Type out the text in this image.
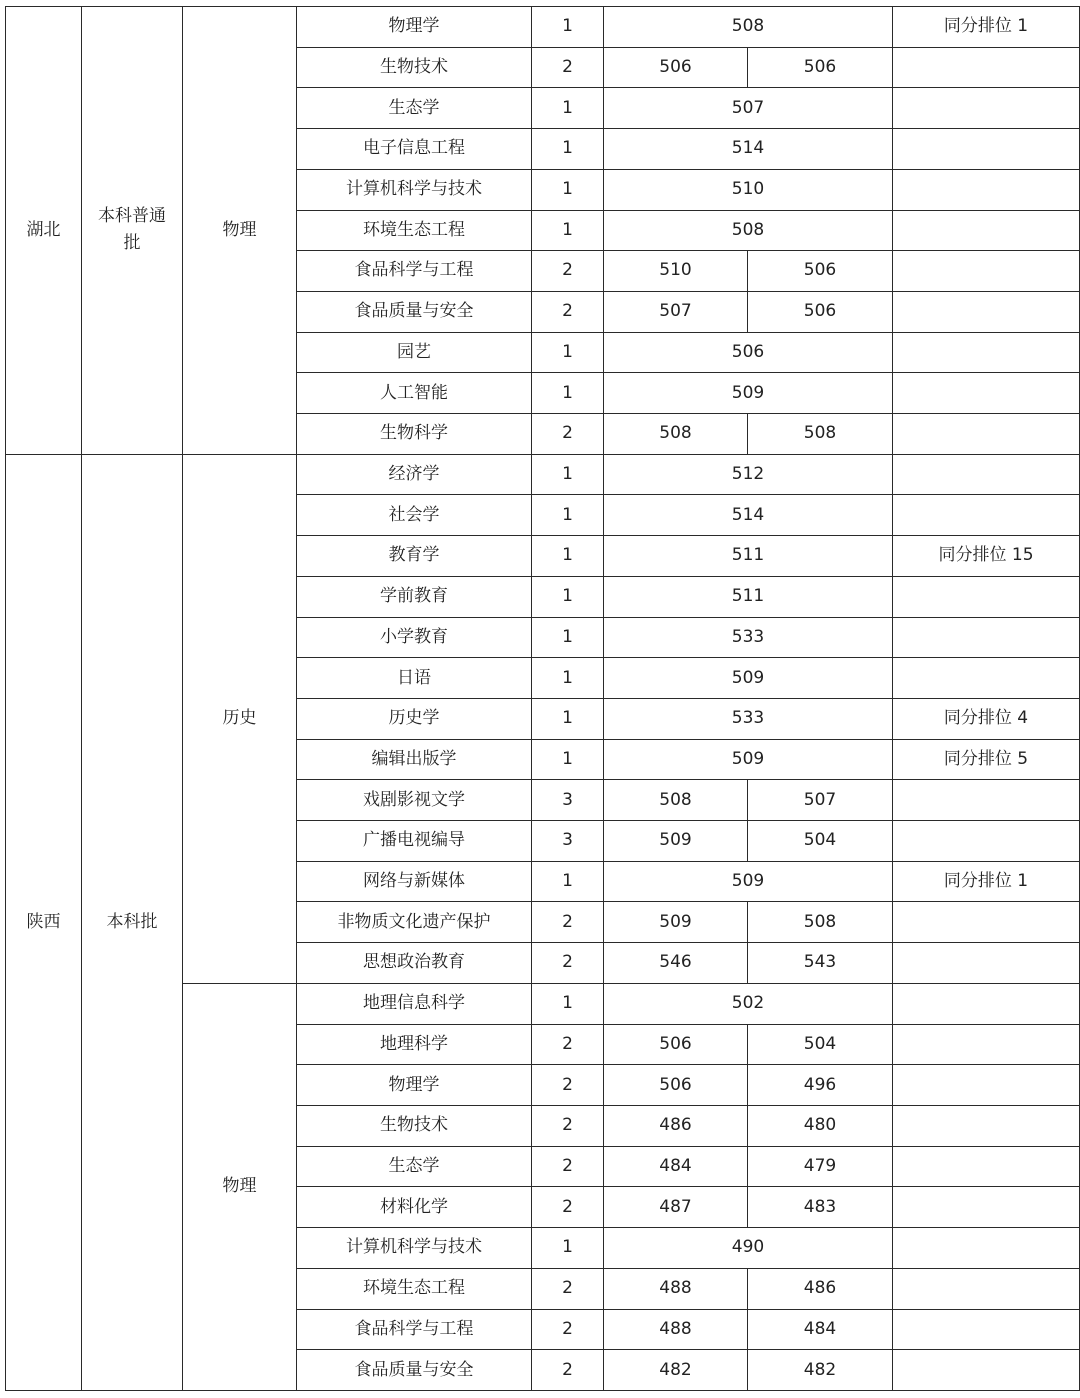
湖北	本科普通批	物理	物理学	1	508		同分排位 1
			生物技术	2	506	506	
			生态学	1	507		
			电子信息工程	1	514		
			计算机科学与技术	1	510		
			环境生态工程	1	508		
			食品科学与工程	2	510	506	
			食品质量与安全	2	507	506	
			园艺	1	506		
			人工智能	1	509		
			生物科学	2	508	508	
陕西	本科批	历史	经济学	1	512		
			社会学	1	514		
			教育学	1	511		同分排位 15
			学前教育	1	511		
			小学教育	1	533		
			日语	1	509		
			历史学	1	533		同分排位 4
			编辑出版学	1	509		同分排位 5
			戏剧影视文学	3	508	507	
			广播电视编导	3	509	504	
			网络与新媒体	1	509		同分排位 1
			非物质文化遗产保护	2	509	508	
			思想政治教育	2	546	543	
		物理	地理信息科学	1	502		
			地理科学	2	506	504	
			物理学	2	506	496	
			生物技术	2	486	480	
			生态学	2	484	479	
			材料化学	2	487	483	
			计算机科学与技术	1	490		
			环境生态工程	2	488	486	
			食品科学与工程	2	488	484	
			食品质量与安全	2	482	482	
